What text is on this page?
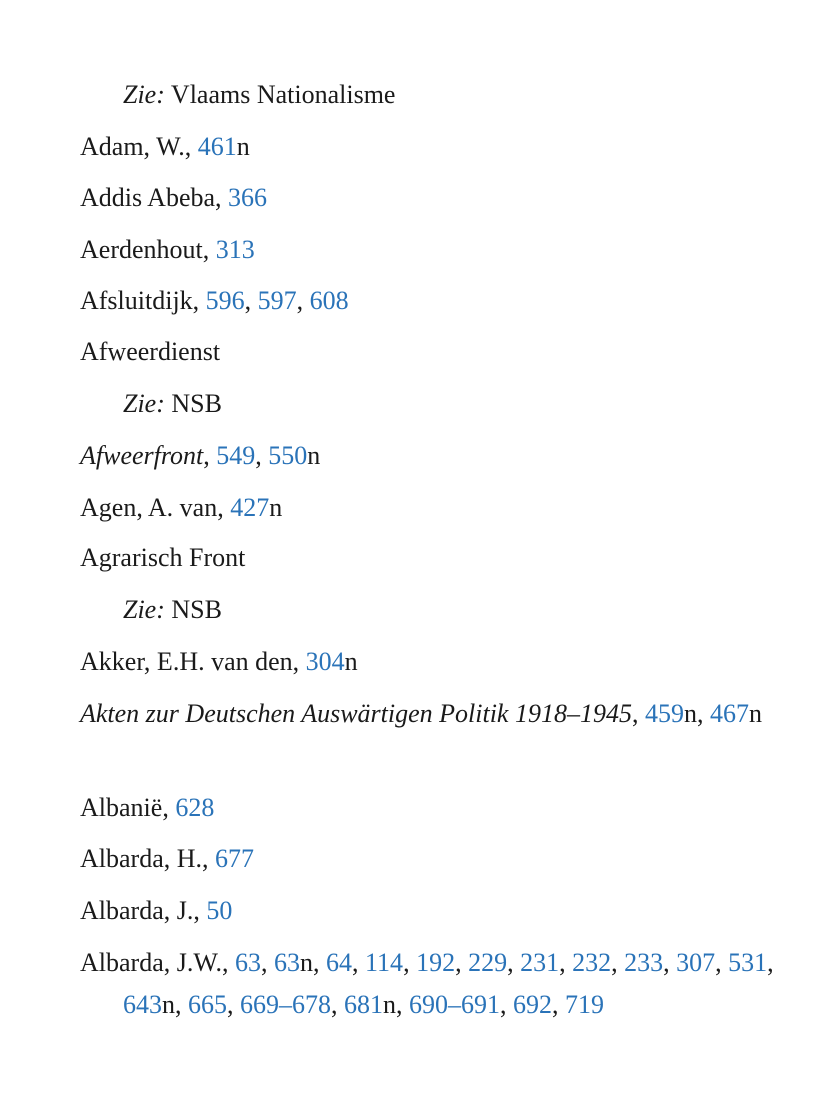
Zie: Vlaams Nationalisme
Adam, W., 461n
Addis Abeba, 366
Aerdenhout, 313
Afsluitdijk, 596, 597, 608
Afweerdienst
Zie: NSB
Afweerfront, 549, 550n
Agen, A. van, 427n
Agrarisch Front
Zie: NSB
Akker, E.H. van den, 304n
Akten zur Deutschen Auswärtigen Politik 1918–1945, 459n, 467n
Albanië, 628
Albarda, H., 677
Albarda, J., 50
Albarda, J.W., 63, 63n, 64, 114, 192, 229, 231, 232, 233, 307, 531, 643n, 665, 669–678, 681n, 690–691, 692, 719
